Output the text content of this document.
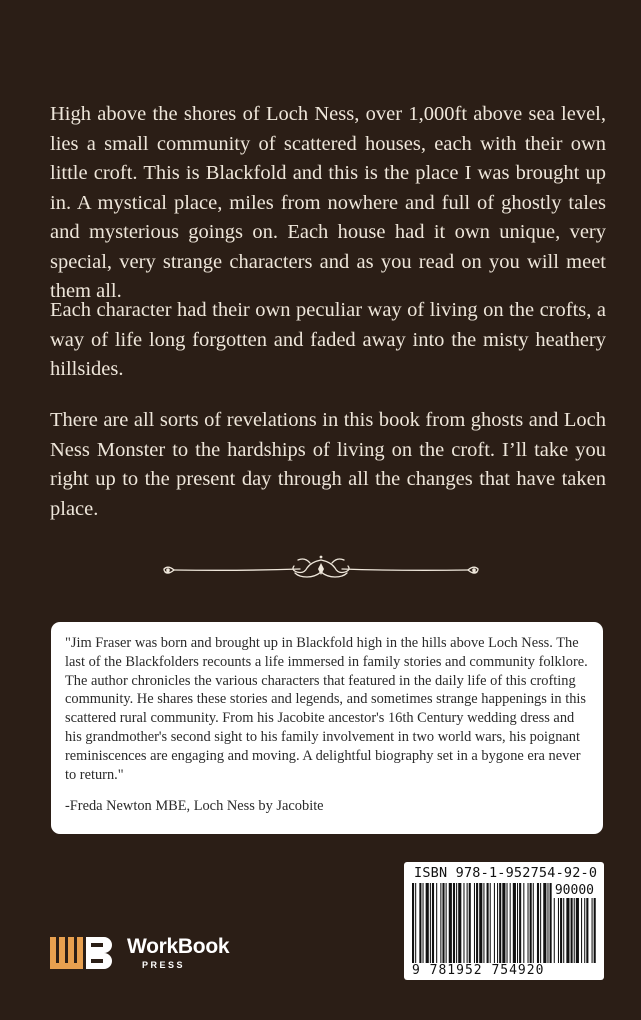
High above the shores of Loch Ness, over 1,000ft above sea level, lies a small community of scattered houses, each with their own little croft. This is Blackfold and this is the place I was brought up in. A mystical place, miles from nowhere and full of ghostly tales and mysterious goings on. Each house had it own unique, very special, very strange characters and as you read on you will meet them all.

Each character had their own peculiar way of living on the crofts, a way of life long forgotten and faded away into the misty heathery hillsides.

There are all sorts of revelations in this book from ghosts and Loch Ness Monster to the hardships of living on the croft. I’ll take you right up to the present day through all the changes that have taken place.

"Jim Fraser was born and brought up in Blackfold high in the hills above Loch Ness. The last of the Blackfolders recounts a life immersed in family stories and community folklore. The author chronicles the various characters that featured in the daily life of this crofting community. He shares these stories and legends, and sometimes strange happenings in this scattered rural community. From his Jacobite ancestor's 16th Century wedding dress and his grandmother's second sight to his family involvement in two world wars, his poignant reminiscences are engaging and moving. A delightful biography set in a bygone era never to return."

-Freda Newton MBE, Loch Ness by Jacobite

WorkBook
PRESS
ISBN 978-1-952754-92-0
90000
9 781952 754920
